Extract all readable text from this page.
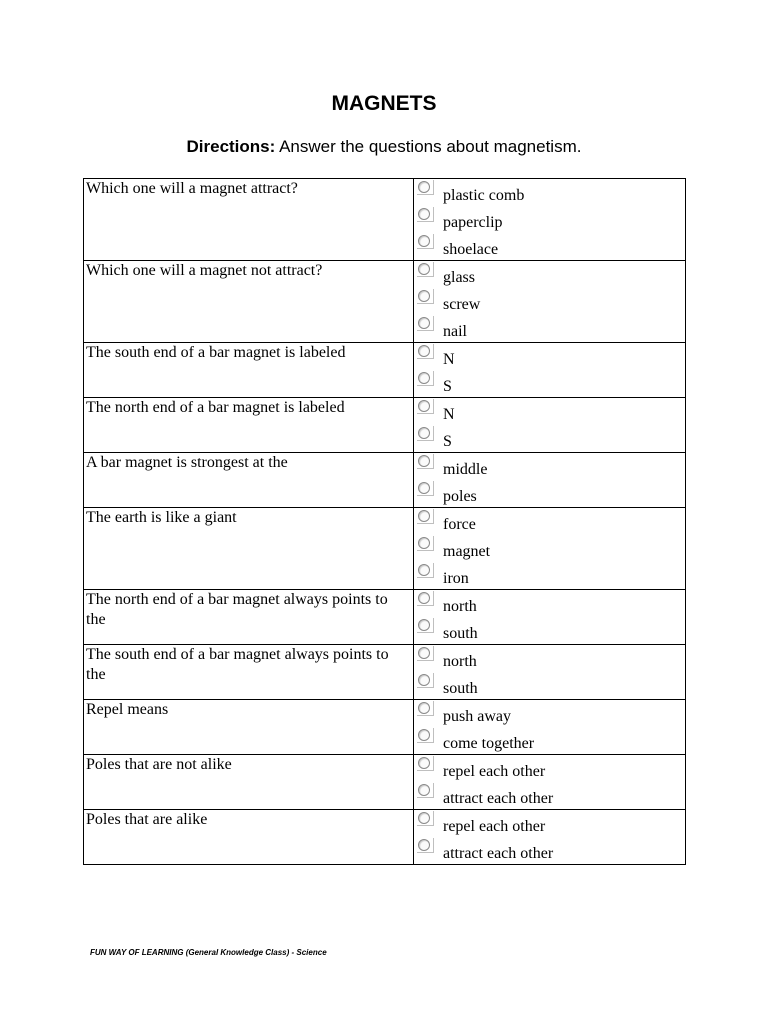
MAGNETS
Directions: Answer the questions about magnetism.
Which one will a magnet attract?	plastic comb
paperclip
shoelace

Which one will a magnet not attract?	glass
screw
nail

The south end of a bar magnet is labeled	N
S

The north end of a bar magnet is labeled	N
S

A bar magnet is strongest at the	middle
poles

The earth is like a giant	force
magnet
iron

The north end of a bar magnet always points to the	north
south

The south end of a bar magnet always points to the	north
south

Repel means	push away
come together

Poles that are not alike	repel each other
attract each other

Poles that are alike	repel each other
attract each other
FUN WAY OF LEARNING (General Knowledge Class) - Science
